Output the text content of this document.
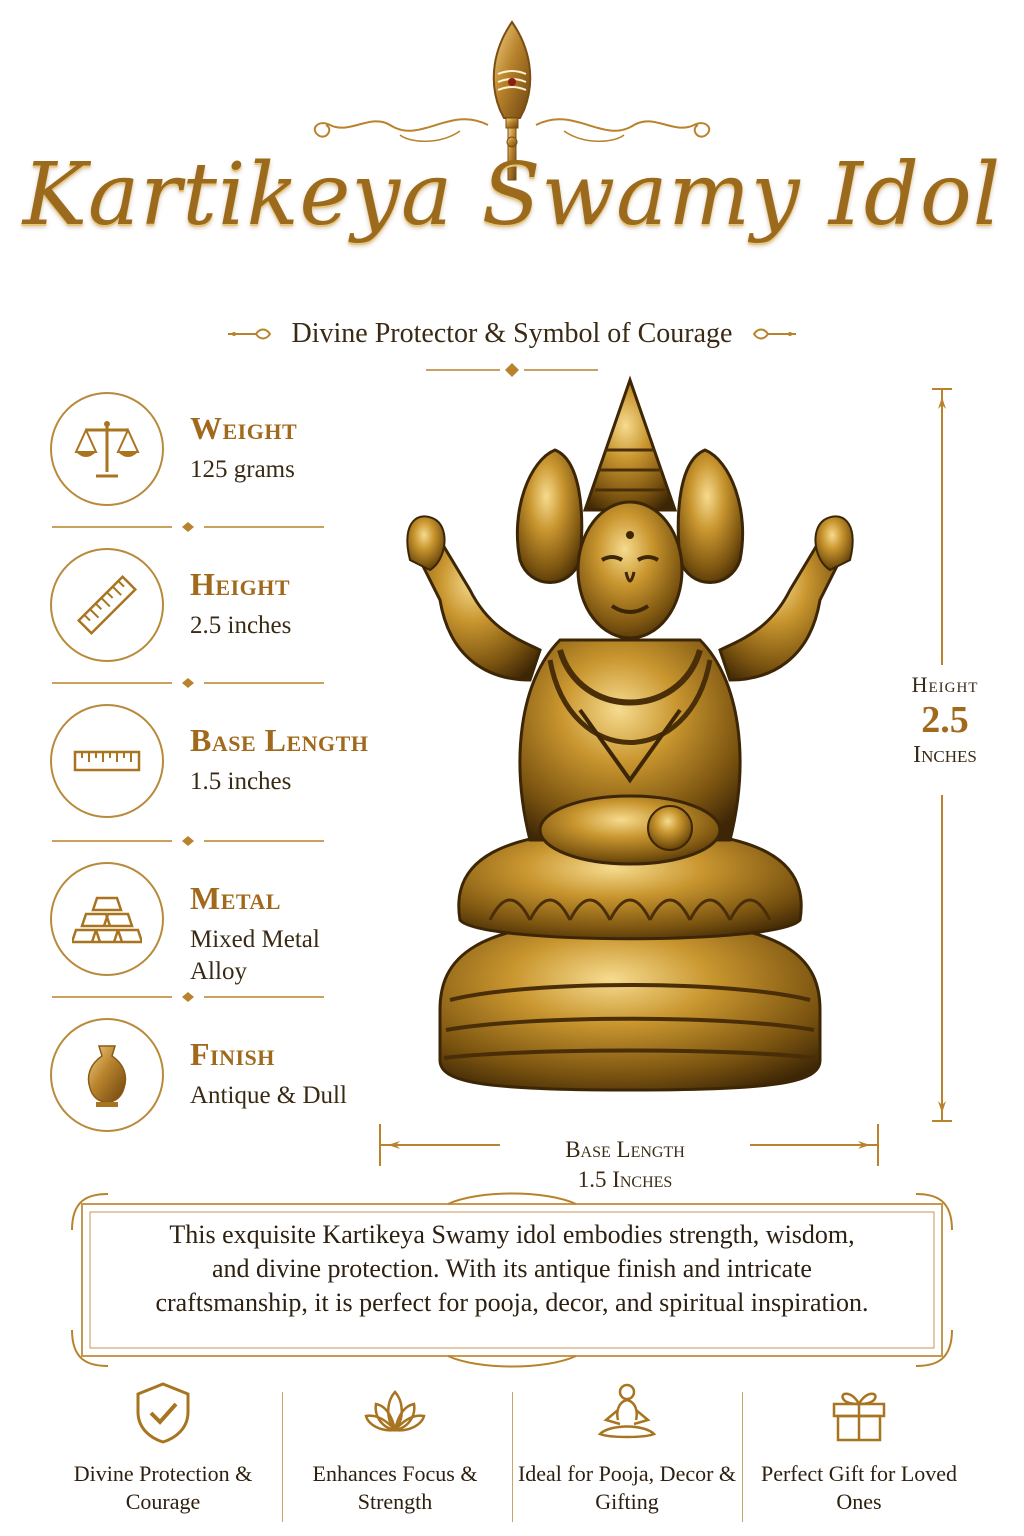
Kartikeya Swamy Idol
Divine Protector & Symbol of Courage
Weight
125 grams
Height
2.5 inches
Base Length
1.5 inches
Metal
Mixed Metal Alloy
Finish
Antique & Dull
Height
2.5
Inches
Base Length
1.5 Inches
This exquisite Kartikeya Swamy idol embodies strength, wisdom, and divine protection. With its antique finish and intricate craftsmanship, it is perfect for pooja, decor, and spiritual inspiration.
Divine Protection & Courage
Enhances Focus & Strength
Ideal for Pooja, Decor & Gifting
Perfect Gift for Loved Ones
